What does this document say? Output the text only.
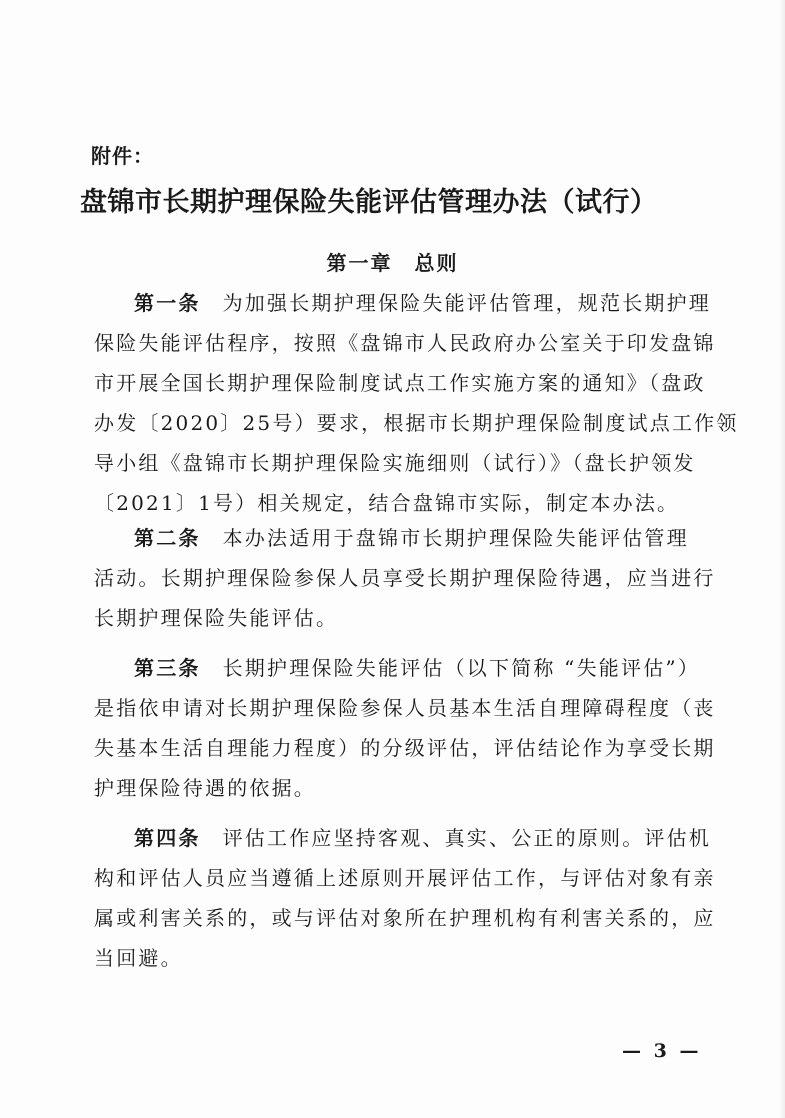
附件：
盘锦市长期护理保险失能评估管理办法（试行）
第一章　总则
第一条 为加强长期护理保险失能评估管理，规范长期护理
保险失能评估程序，按照《盘锦市人民政府办公室关于印发盘锦
市开展全国长期护理保险制度试点工作实施方案的通知》（盘政
办发〔2020〕25号）要求，根据市长期护理保险制度试点工作领
导小组《盘锦市长期护理保险实施细则（试行）》（盘长护领发
〔2021〕1号）相关规定，结合盘锦市实际，制定本办法。
第二条 本办法适用于盘锦市长期护理保险失能评估管理
活动。长期护理保险参保人员享受长期护理保险待遇，应当进行
长期护理保险失能评估。
第三条 长期护理保险失能评估（以下简称 “失能评估”）
是指依申请对长期护理保险参保人员基本生活自理障碍程度（丧
失基本生活自理能力程度）的分级评估，评估结论作为享受长期
护理保险待遇的依据。
第四条 评估工作应坚持客观、真实、公正的原则。评估机
构和评估人员应当遵循上述原则开展评估工作，与评估对象有亲
属或利害关系的，或与评估对象所在护理机构有利害关系的，应
当回避。
— 3 —
